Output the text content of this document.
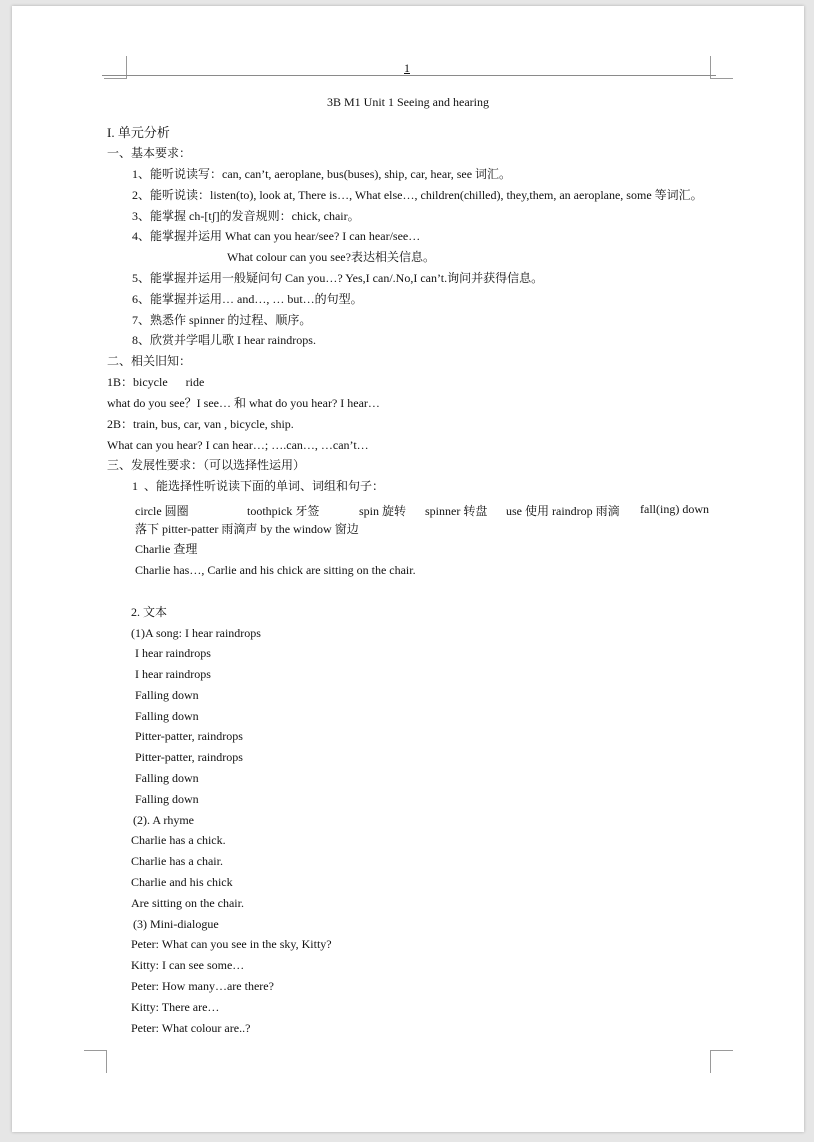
1
3B M1 Unit 1 Seeing and hearing
I. 单元分析
一、基本要求：
1、能听说读写：can, can’t, aeroplane, bus(buses), ship, car, hear, see 词汇。
2、能听说读：listen(to), look at, There is…, What else…, children(chilled), they,them, an aeroplane, some 等词汇。
3、能掌握 ch-[tʃ]的发音规则：chick, chair。
4、能掌握并运用 What can you hear/see? I can hear/see…
What colour can you see?表达相关信息。
5、能掌握并运用一般疑问句 Can you…? Yes,I can/.No,I can’t.询问并获得信息。
6、能掌握并运用… and…, … but…的句型。
7、熟悉作 spinner 的过程、顺序。
8、欣赏并学唱儿歌 I hear raindrops.
二、相关旧知：
1B：bicycle      ride
what do you see？I see… 和 what do you hear? I hear…
2B：train, bus, car, van , bicycle, ship.
What can you hear? I can hear…; ….can…, …can’t…
三、发展性要求：（可以选择性运用）
1  、能选择性听说读下面的单词、词组和句子：
circle 圆圈	toothpick 牙签	spin 旋转 spinner 转盘 use 使用 raindrop 雨滴 fall(ing) down
落下 pitter-patter 雨滴声 by the window 窗边
Charlie 查理
Charlie has…, Carlie and his chick are sitting on the chair.
2. 文本
(1)A song: I hear raindrops
I hear raindrops
I hear raindrops
Falling down
Falling down
Pitter-patter, raindrops
Pitter-patter, raindrops
Falling down
Falling down
(2). A rhyme
Charlie has a chick.
Charlie has a chair.
Charlie and his chick
Are sitting on the chair.
(3) Mini-dialogue
Peter: What can you see in the sky, Kitty?
Kitty: I can see some…
Peter: How many…are there?
Kitty: There are…
Peter: What colour are..?
